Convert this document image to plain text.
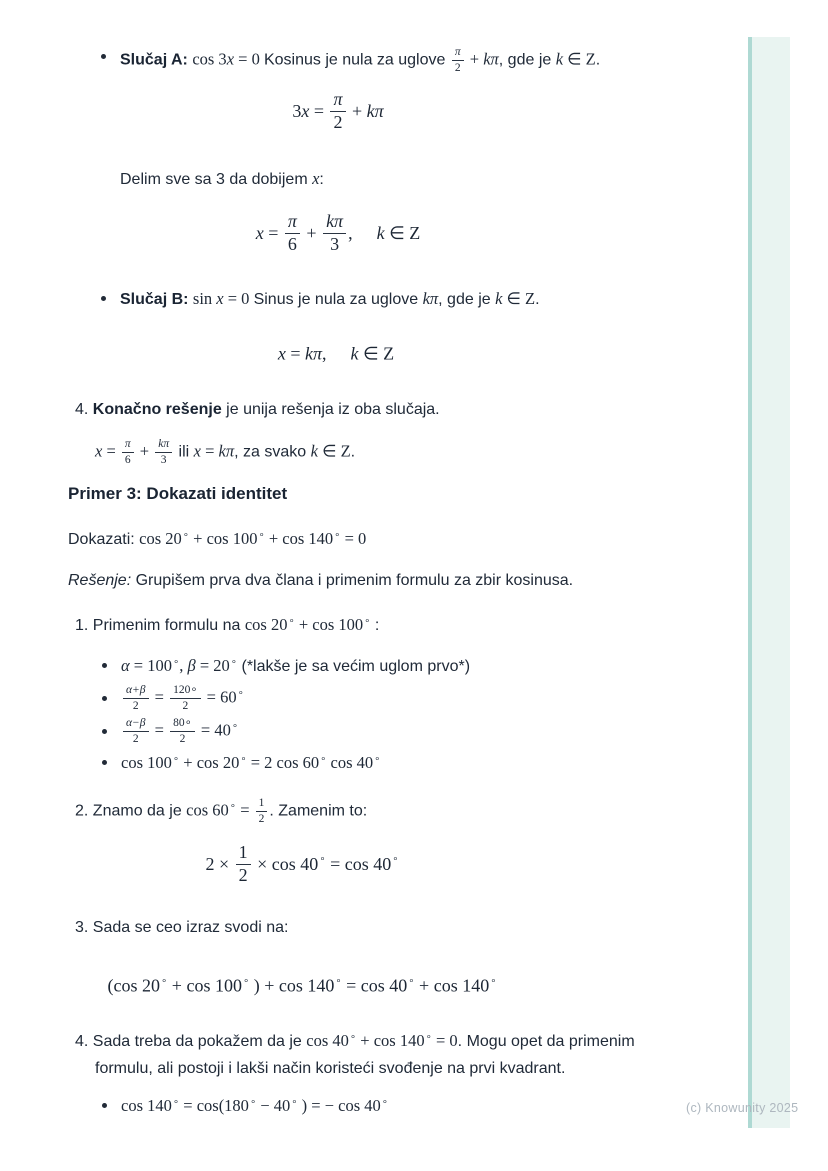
Slučaj A: cos 3x = 0 Kosinus je nula za uglove $\frac{\pi}{2} + k\pi$, gde je k ∈ Z.
$3x = \frac{\pi}{2} + k\pi$
Delim sve sa 3 da dobijem x:
$x = \frac{\pi}{6} + \frac{k\pi}{3}$ , k ∈ Z
Slučaj B: sin x = 0 Sinus je nula za uglove kπ, gde je k ∈ Z.
x = kπ, k ∈ Z
4. Konačno rešenje je unija rešenja iz oba slučaja.
$x = \frac{\pi}{6} + \frac{k\pi}{3}$ ili x = kπ, za svako k ∈ Z.
Primer 3: Dokazati identitet
Dokazati: cos 20∘ + cos 100∘ + cos 140∘ = 0
Rešenje: Grupišem prva dva člana i primenim formulu za zbir kosinusa.
1. Primenim formulu na cos 20∘ + cos 100∘ :
α = 100∘, β = 20∘ (*lakše je sa većim uglom prvo*)
$\frac{\alpha+\beta}{2} = \frac{120\circ}{2} = 60^\circ$
$\frac{\alpha-\beta}{2} = \frac{80\circ}{2} = 40^\circ$
cos 100∘ + cos 20∘ = 2 cos 60∘ cos 40∘
2. Znamo da je $\cos 60^\circ = \frac{1}{2}$ . Zamenim to:
$2 \times \frac{1}{2} \times \cos 40^\circ = \cos 40^\circ$
3. Sada se ceo izraz svodi na:
(cos 20∘ + cos 100∘ ) + cos 140∘ = cos 40∘ + cos 140∘
4. Sada treba da pokažem da je cos 40∘ + cos 140∘ = 0. Mogu opet da primenim
formulu, ali postoji i lakši način koristeći svođenje na prvi kvadrant.
cos 140∘ = cos(180∘ − 40∘ ) = − cos 40∘	(c) Knowunity 2025
